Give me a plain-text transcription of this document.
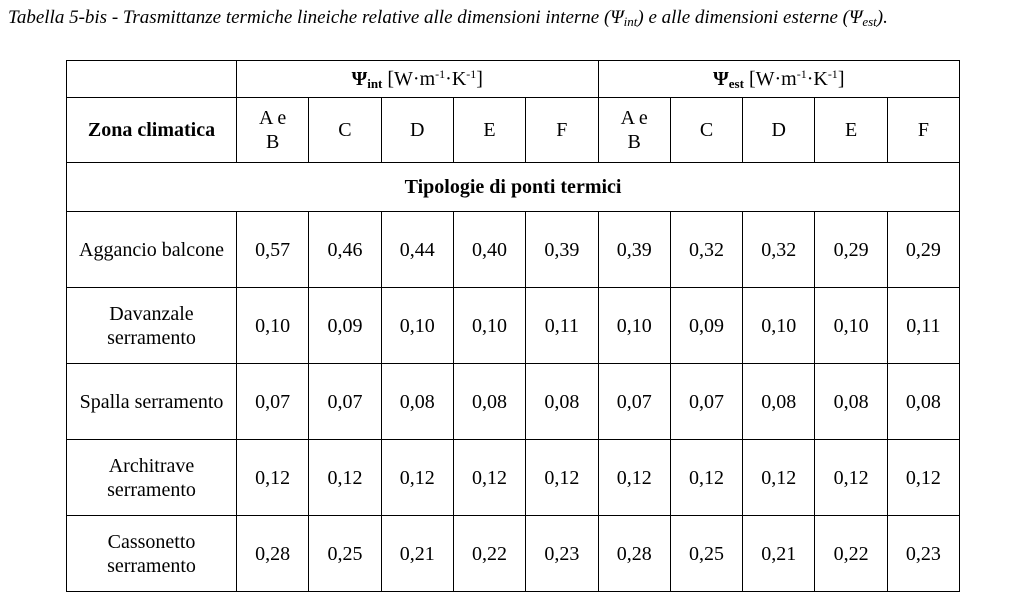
Tabella 5-bis - Trasmittanze termiche lineiche relative alle dimensioni interne $(\Psi_{int})$ e alle dimensioni esterne $(\Psi_{est})$.
	$\Psi_{int}$ $[W\cdot m^{-1}\cdot K^{-1}]$					$\Psi_{est}$ $[W\cdot m^{-1}\cdot K^{-1}]$				
Zona climatica	A e B	C	D	E	F	A e B	C	D	E	F
Tipologie di ponti termici										
Aggancio balcone	0,57	0,46	0,44	0,40	0,39	0,39	0,32	0,32	0,29	0,29
Davanzale serramento	0,10	0,09	0,10	0,10	0,11	0,10	0,09	0,10	0,10	0,11
Spalla serramento	0,07	0,07	0,08	0,08	0,08	0,07	0,07	0,08	0,08	0,08
Architrave serramento	0,12	0,12	0,12	0,12	0,12	0,12	0,12	0,12	0,12	0,12
Cassonetto serramento	0,28	0,25	0,21	0,22	0,23	0,28	0,25	0,21	0,22	0,23
